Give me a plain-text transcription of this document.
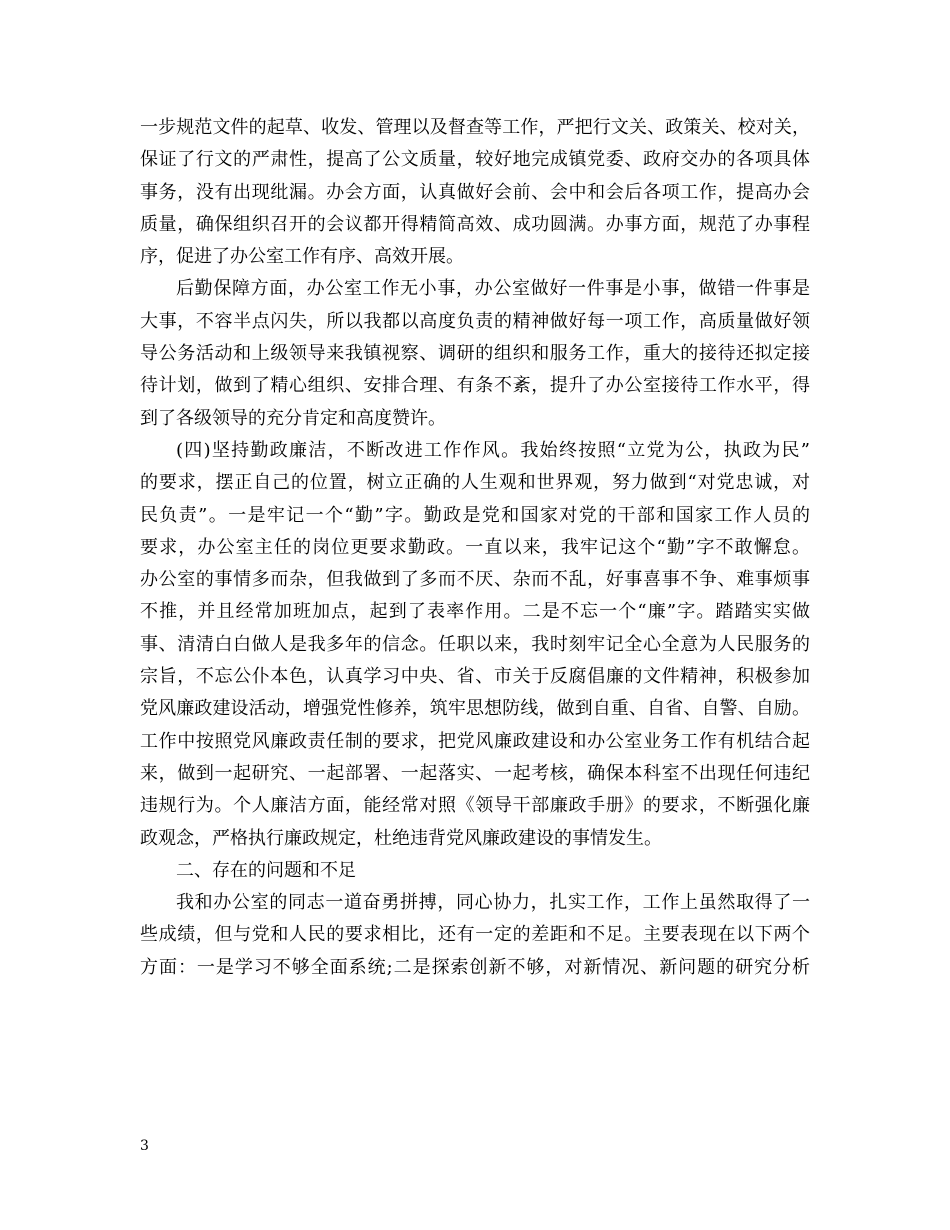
一步规范文件的起草、收发、管理以及督查等工作，严把行文关、政策关、校对关，
保证了行文的严肃性，提高了公文质量，较好地完成镇党委、政府交办的各项具体
事务，没有出现纰漏。办会方面，认真做好会前、会中和会后各项工作，提高办会
质量，确保组织召开的会议都开得精简高效、成功圆满。办事方面，规范了办事程
序，促进了办公室工作有序、高效开展。
后勤保障方面，办公室工作无小事，办公室做好一件事是小事，做错一件事是
大事，不容半点闪失，所以我都以高度负责的精神做好每一项工作，高质量做好领
导公务活动和上级领导来我镇视察、调研的组织和服务工作，重大的接待还拟定接
待计划，做到了精心组织、安排合理、有条不紊，提升了办公室接待工作水平，得
到了各级领导的充分肯定和高度赞许。
(四)坚持勤政廉洁，不断改进工作作风。我始终按照“立党为公，执政为民”
的要求，摆正自己的位置，树立正确的人生观和世界观，努力做到“对党忠诚，对
民负责”。一是牢记一个“勤”字。勤政是党和国家对党的干部和国家工作人员的
要求，办公室主任的岗位更要求勤政。一直以来，我牢记这个“勤”字不敢懈怠。
办公室的事情多而杂，但我做到了多而不厌、杂而不乱，好事喜事不争、难事烦事
不推，并且经常加班加点，起到了表率作用。二是不忘一个“廉”字。踏踏实实做
事、清清白白做人是我多年的信念。任职以来，我时刻牢记全心全意为人民服务的
宗旨，不忘公仆本色，认真学习中央、省、市关于反腐倡廉的文件精神，积极参加
党风廉政建设活动，增强党性修养，筑牢思想防线，做到自重、自省、自警、自励。
工作中按照党风廉政责任制的要求，把党风廉政建设和办公室业务工作有机结合起
来，做到一起研究、一起部署、一起落实、一起考核，确保本科室不出现任何违纪
违规行为。个人廉洁方面，能经常对照《领导干部廉政手册》的要求，不断强化廉
政观念，严格执行廉政规定，杜绝违背党风廉政建设的事情发生。
二、存在的问题和不足
我和办公室的同志一道奋勇拼搏，同心协力，扎实工作，工作上虽然取得了一
些成绩，但与党和人民的要求相比，还有一定的差距和不足。主要表现在以下两个
方面：一是学习不够全面系统;二是探索创新不够，对新情况、新问题的研究分析
3
